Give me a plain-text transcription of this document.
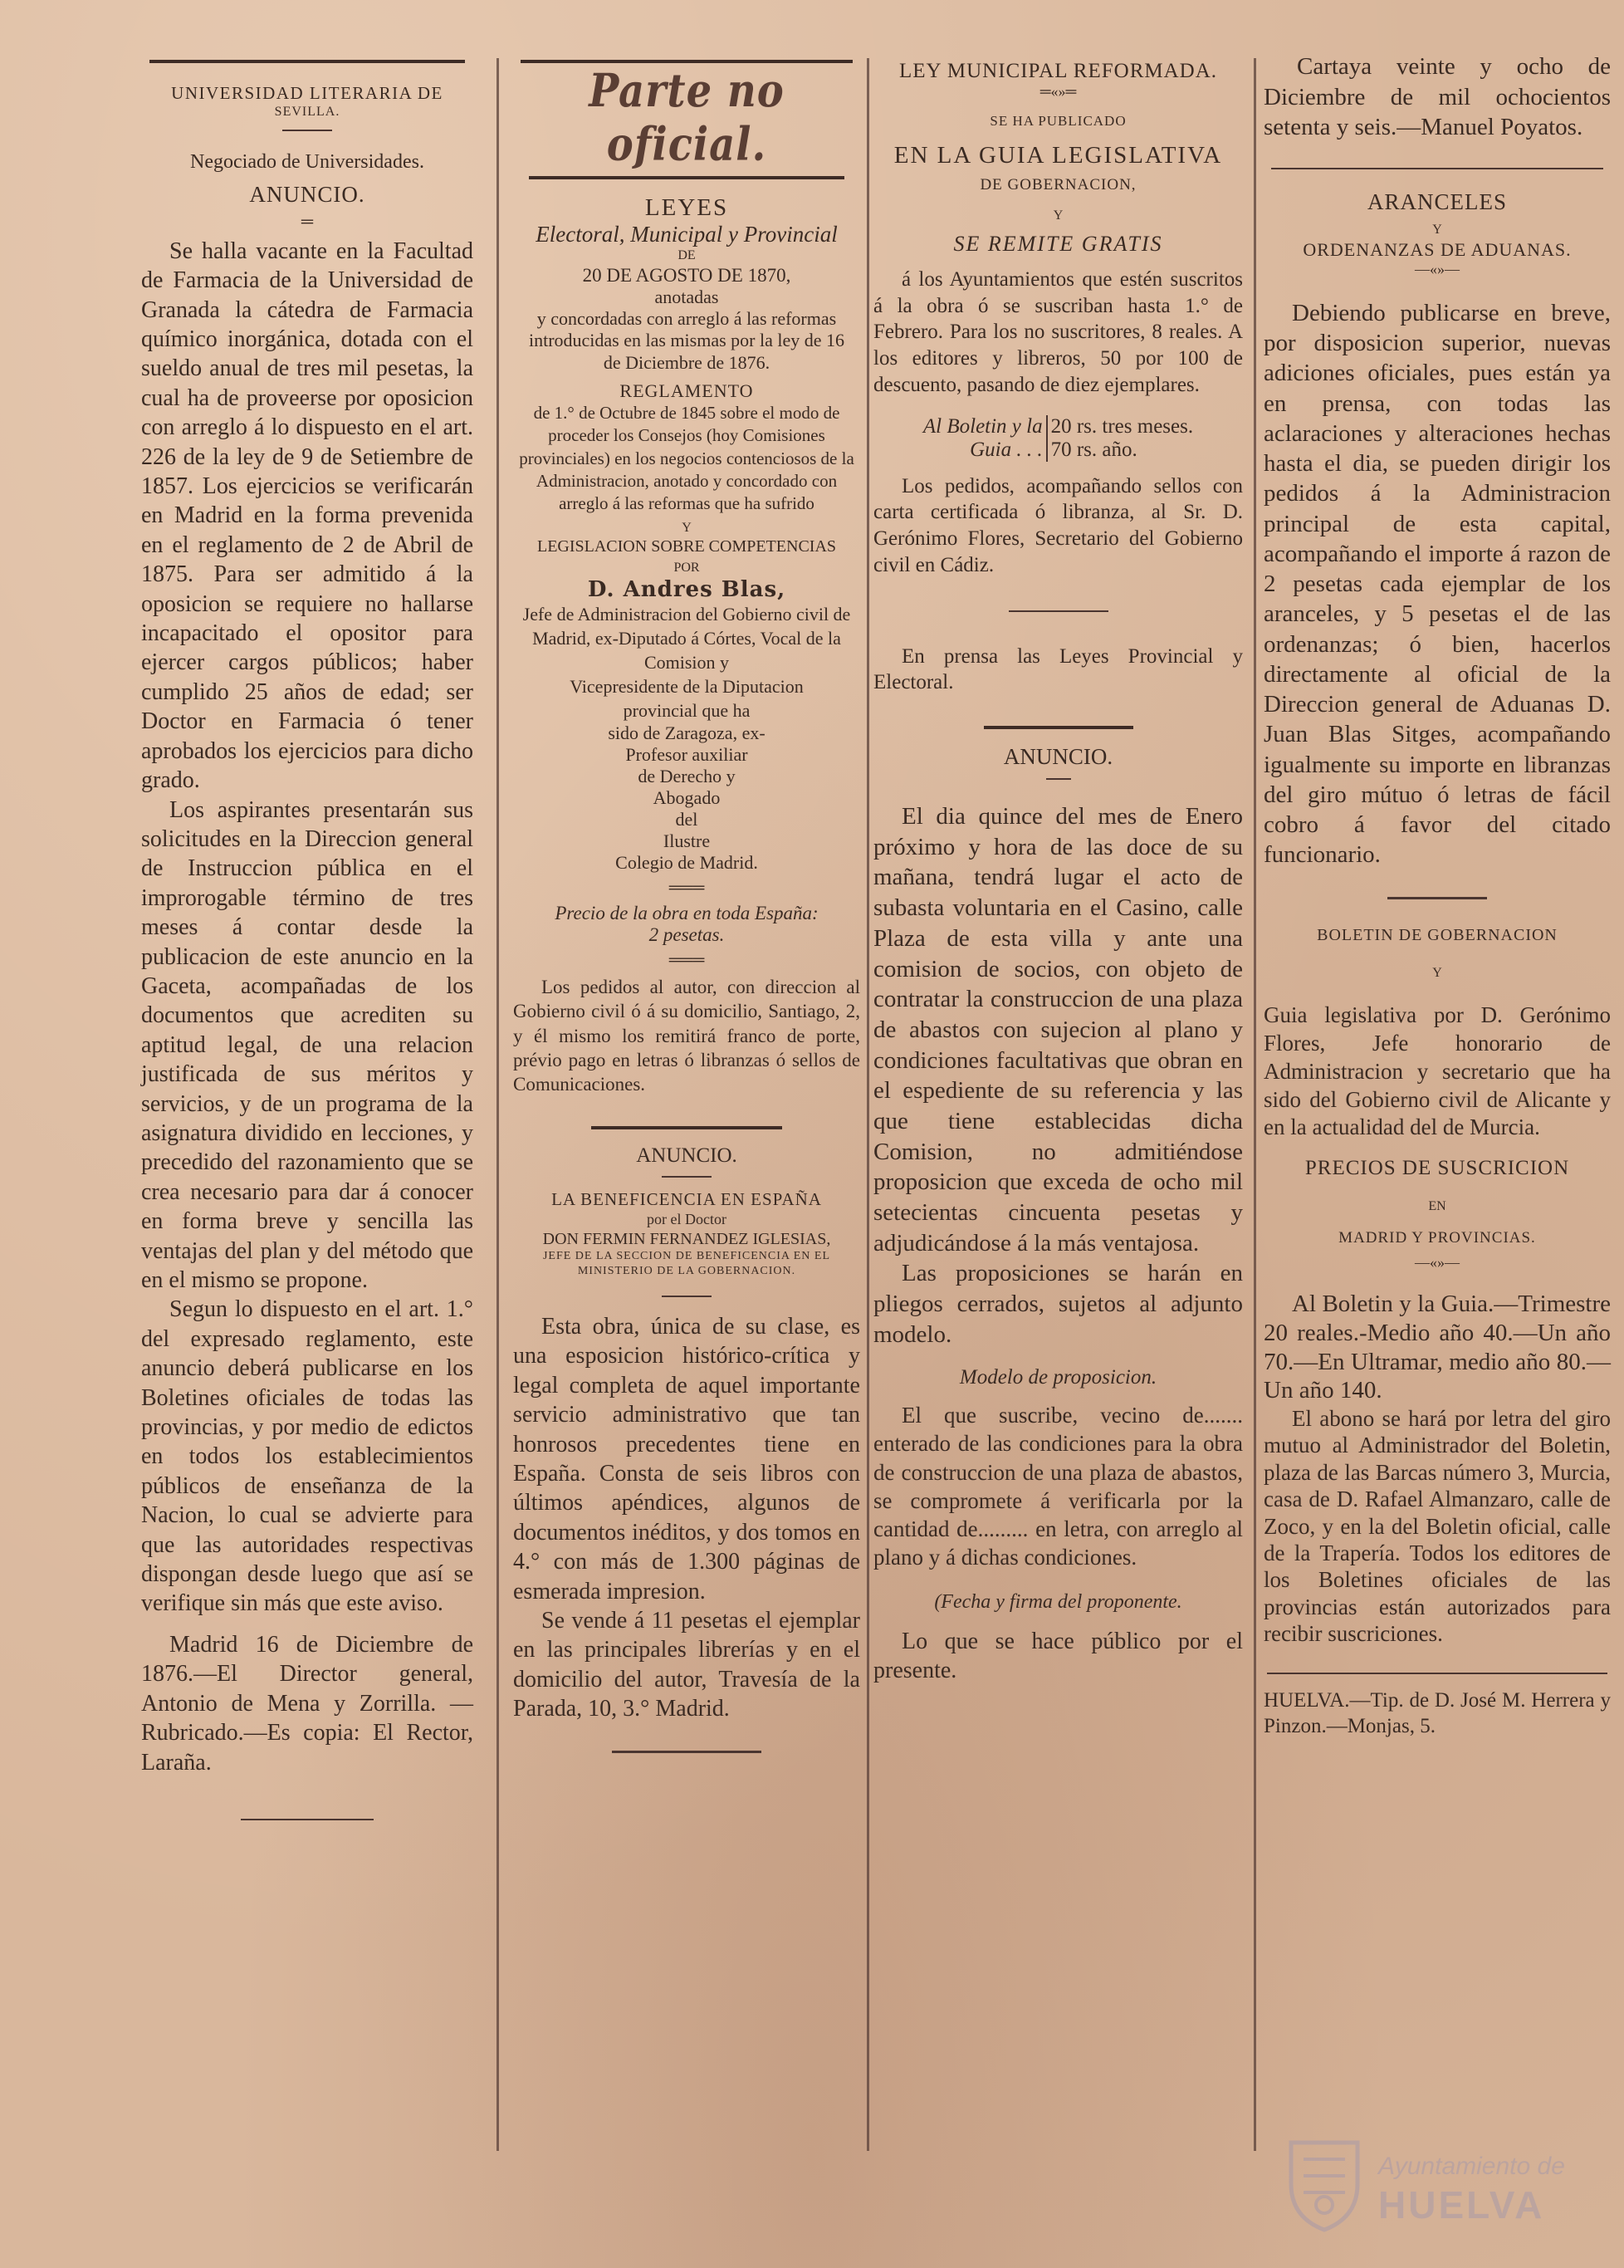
UNIVERSIDAD LITERARIA DE
SEVILLA.
Negociado de Universidades.
ANUNCIO.
═

Se halla vacante en la Facultad de Farmacia de la Universidad de Granada la cátedra de Farmacia químico inorgánica, dotada con el sueldo anual de tres mil pesetas, la cual ha de proveerse por oposicion con arreglo á lo dispuesto en el art. 226 de la ley de 9 de Setiembre de 1857. Los ejercicios se verificarán en Madrid en la forma prevenida en el reglamento de 2 de Abril de 1875. Para ser admitido á la oposicion se requiere no hallarse incapacitado el opositor para ejercer cargos públicos; haber cumplido 25 años de edad; ser Doctor en Farmacia ó tener aprobados los ejercicios para dicho grado.

Los aspirantes presentarán sus solicitudes en la Direccion general de Instruccion pública en el improrogable término de tres meses á contar desde la publicacion de este anuncio en la Gaceta, acompañadas de los documentos que acrediten su aptitud legal, de una relacion justificada de sus méritos y servicios, y de un programa de la asignatura dividido en lecciones, y precedido del razonamiento que se crea necesario para dar á conocer en forma breve y sencilla las ventajas del plan y del método que en el mismo se propone.

Segun lo dispuesto en el art. 1.° del expresado reglamento, este anuncio deberá publicarse en los Boletines oficiales de todas las provincias, y por medio de edictos en todos los establecimientos públicos de enseñanza de la Nacion, lo cual se advierte para que las autoridades respectivas dispongan desde luego que así se verifique sin más que este aviso.

Madrid 16 de Diciembre de 1876.—El Director general, Antonio de Mena y Zorrilla. —Rubricado.—Es copia: El Rector, Laraña.

Parte no oficial.
LEYES
Electoral, Municipal y Provincial
DE
20 DE AGOSTO DE 1870,
anotadas
y concordadas con arreglo á las reformas introducidas en las mismas por la ley de 16 de Diciembre de 1876.
REGLAMENTO

de 1.° de Octubre de 1845 sobre el modo de proceder los Consejos (hoy Comisiones provinciales) en los negocios contenciosos de la Administracion, anotado y concordado con arreglo á las reformas que ha sufrido

Y
LEGISLACION SOBRE COMPETENCIAS
POR
D. Andres Blas,
Jefe de Administracion del Gobierno civil de Madrid, ex-Diputado á Córtes, Vocal de la Comision y
Vicepresidente de la Diputacion provincial que ha
sido de Zaragoza, ex-
Profesor auxiliar
de Derecho y
Abogado
del
Ilustre
Colegio de Madrid.
═══
Precio de la obra en toda España:
2 pesetas.
═══

Los pedidos al autor, con direccion al Gobierno civil ó á su domicilio, Santiago, 2, y él mismo los remitirá franco de porte, prévio pago en letras ó libranzas ó sellos de Comunicaciones.

ANUNCIO.
LA BENEFICENCIA EN ESPAÑA
por el Doctor
DON FERMIN FERNANDEZ IGLESIAS,
JEFE DE LA SECCION DE BENEFICENCIA EN EL MINISTERIO DE LA GOBERNACION.

Esta obra, única de su clase, es una esposicion histórico-crítica y legal completa de aquel importante servicio administrativo que tan honrosos precedentes tiene en España. Consta de seis libros con últimos apéndices, algunos de documentos inéditos, y dos tomos en 4.° con más de 1.300 páginas de esmerada impresion.

Se vende á 11 pesetas el ejemplar en las principales librerías y en el domicilio del autor, Travesía de la Parada, 10, 3.° Madrid.

LEY MUNICIPAL REFORMADA.
═«»═
SE HA PUBLICADO
EN LA GUIA LEGISLATIVA
DE GOBERNACION,
Y
SE REMITE GRATIS

á los Ayuntamientos que estén suscritos á la obra ó se suscriban hasta 1.° de Febrero. Para los no suscritores, 8 reales. A los editores y libreros, 50 por 100 de descuento, pasando de diez ejemplares.

Al Boletin y la
Guia . . .
20 rs. tres meses.
70 rs. año.

Los pedidos, acompañando sellos con carta certificada ó libranza, al Sr. D. Gerónimo Flores, Secretario del Gobierno civil en Cádiz.

En prensa las Leyes Provincial y Electoral.

ANUNCIO.

El dia quince del mes de Enero próximo y hora de las doce de su mañana, tendrá lugar el acto de subasta voluntaria en el Casino, calle Plaza de esta villa y ante una comision de socios, con objeto de contratar la construccion de una plaza de abastos con sujecion al plano y condiciones facultativas que obran en el espediente de su referencia y las que tiene establecidas dicha Comision, no admitiéndose proposicion que exceda de ocho mil setecientas cincuenta pesetas y adjudicándose á la más ventajosa.

Las proposiciones se harán en pliegos cerrados, sujetos al adjunto modelo.

Modelo de proposicion.

El que suscribe, vecino de....... enterado de las condiciones para la obra de construccion de una plaza de abastos, se compromete á verificarla por la cantidad de......... en letra, con arreglo al plano y á dichas condiciones.

(Fecha y firma del proponente.

Lo que se hace público por el presente.

Cartaya veinte y ocho de Diciembre de mil ochocientos setenta y seis.—Manuel Poyatos.

ARANCELES
Y
ORDENANZAS DE ADUANAS.
—«»—

Debiendo publicarse en breve, por disposicion superior, nuevas adiciones oficiales, pues están ya en prensa, con todas las aclaraciones y alteraciones hechas hasta el dia, se pueden dirigir los pedidos á la Administracion principal de esta capital, acompañando el importe á razon de 2 pesetas cada ejemplar de los aranceles, y 5 pesetas el de las ordenanzas; ó bien, hacerlos directamente al oficial de la Direccion general de Aduanas D. Juan Blas Sitges, acompañando igualmente su importe en libranzas del giro mútuo ó letras de fácil cobro á favor del citado funcionario.

BOLETIN DE GOBERNACION
Y

Guia legislativa por D. Gerónimo Flores, Jefe honorario de Administracion y secretario que ha sido del Gobierno civil de Alicante y en la actualidad del de Murcia.

PRECIOS DE SUSCRICION
EN
MADRID Y PROVINCIAS.
—«»—

Al Boletin y la Guia.—Trimestre 20 reales.-Medio año 40.—Un año 70.—En Ultramar, medio año 80.—Un año 140.

El abono se hará por letra del giro mutuo al Administrador del Boletin, plaza de las Barcas número 3, Murcia, casa de D. Rafael Almanzaro, calle de Zoco, y en la del Boletin oficial, calle de la Trapería. Todos los editores de los Boletines oficiales de las provincias están autorizados para recibir suscriciones.

HUELVA.—Tip. de D. José M. Herrera y Pinzon.—Monjas, 5.

Ayuntamiento de
HUELVA
